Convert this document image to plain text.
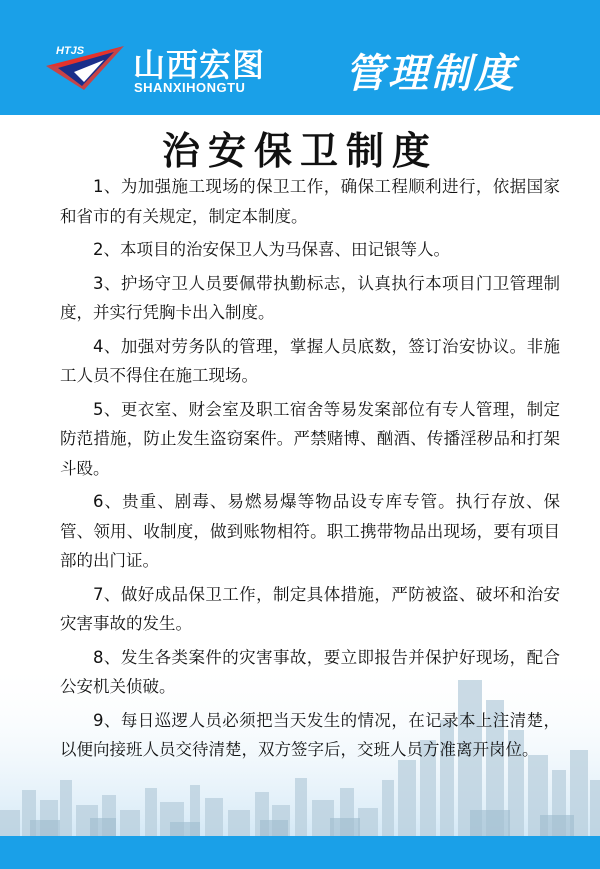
HTJS 山西宏图
SHANXIHONGTU 管理制度
治安保卫制度

1、为加强施工现场的保卫工作，确保工程顺利进行，依据国家和省市的有关规定，制定本制度。

2、本项目的治安保卫人为马保喜、田记银等人。

3、护场守卫人员要佩带执勤标志，认真执行本项目门卫管理制度，并实行凭胸卡出入制度。

4、加强对劳务队的管理，掌握人员底数，签订治安协议。非施工人员不得住在施工现场。

5、更衣室、财会室及职工宿舍等易发案部位有专人管理，制定防范措施，防止发生盗窃案件。严禁赌博、酗酒、传播淫秽品和打架斗殴。

6、贵重、剧毒、易燃易爆等物品设专库专管。执行存放、保管、领用、收制度，做到账物相符。职工携带物品出现场，要有项目部的出门证。

7、做好成品保卫工作，制定具体措施，严防被盗、破坏和治安灾害事故的发生。

8、发生各类案件的灾害事故，要立即报告并保护好现场，配合公安机关侦破。

9、每日巡逻人员必须把当天发生的情况，在记录本上注清楚，以便向接班人员交待清楚，双方签字后，交班人员方准离开岗位。
